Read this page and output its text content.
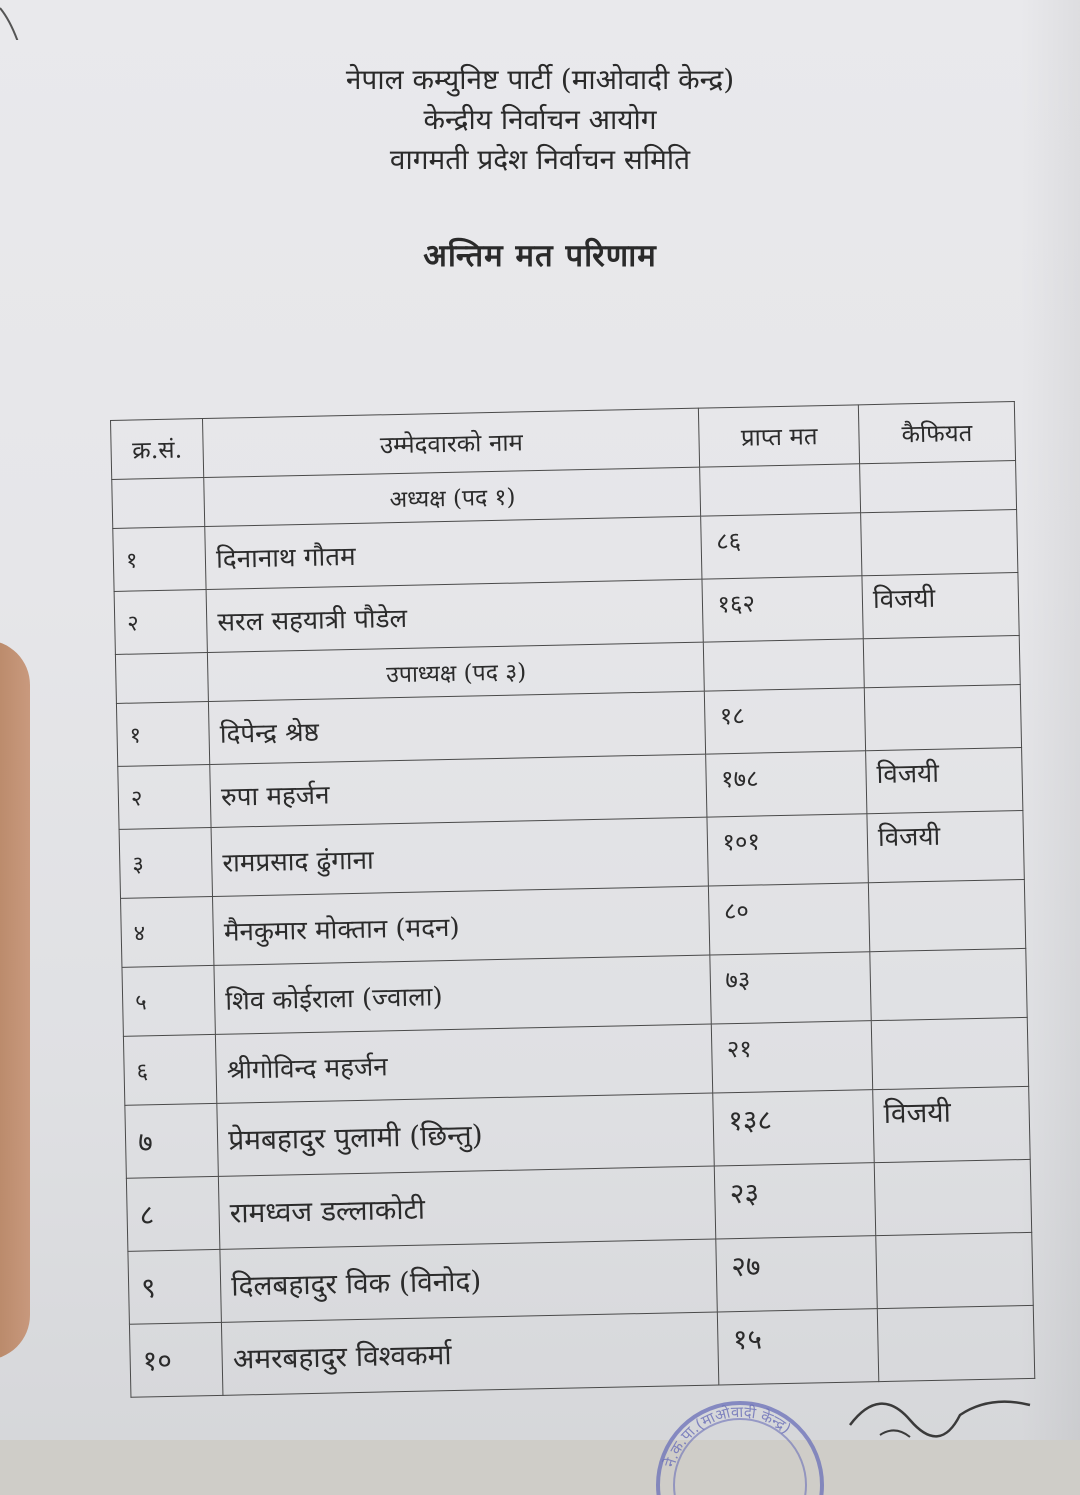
नेपाल कम्युनिष्ट पार्टी (माओवादी केन्द्र)
केन्द्रीय निर्वाचन आयोग
वागमती प्रदेश निर्वाचन समिति
अन्तिम मत परिणाम
क्र.सं.	उम्मेदवारको नाम	प्राप्त मत	कैफियत
	अध्यक्ष (पद १)		
१	दिनानाथ गौतम	८६	
२	सरल सहयात्री पौडेल	१६२	विजयी
	उपाध्यक्ष (पद ३)		
१	दिपेन्द्र श्रेष्ठ	१८	
२	रुपा महर्जन	१७८	विजयी
३	रामप्रसाद ढुंगाना	१०१	विजयी
४	मैनकुमार मोक्तान (मदन)	८०	
५	शिव कोईराला (ज्वाला)	७३	
६	श्रीगोविन्द महर्जन	२१	
७	प्रेमबहादुर पुलामी (छिन्तु)	१३८	विजयी
८	रामध्वज डल्लाकोटी	२३	
९	दिलबहादुर विक (विनोद)	२७	
१०	अमरबहादुर विश्वकर्मा	१५	
ने.क.पा.(माओवादी केन्द्र)
